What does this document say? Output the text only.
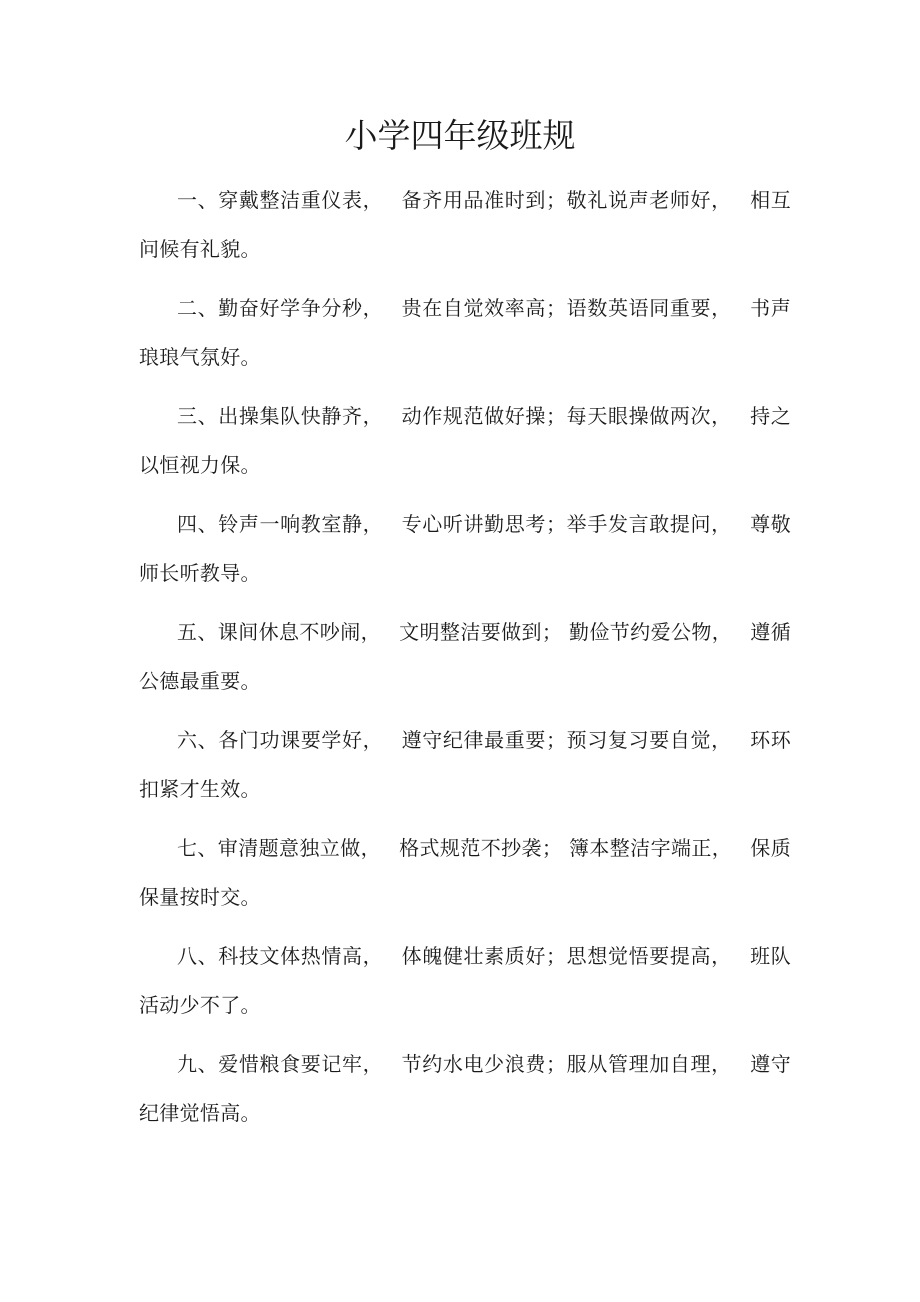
小学四年级班规

一、穿戴整洁重仪表， 备齐用品准时到；敬礼说声老师好， 相互问候有礼貌。

二、勤奋好学争分秒， 贵在自觉效率高；语数英语同重要， 书声琅琅气氛好。

三、出操集队快静齐， 动作规范做好操；每天眼操做两次， 持之以恒视力保。

四、铃声一响教室静， 专心听讲勤思考；举手发言敢提问， 尊敬师长听教导。

五、课间休息不吵闹， 文明整洁要做到； 勤俭节约爱公物， 遵循公德最重要。

六、各门功课要学好， 遵守纪律最重要；预习复习要自觉， 环环扣紧才生效。

七、审清题意独立做， 格式规范不抄袭； 簿本整洁字端正， 保质保量按时交。

八、科技文体热情高， 体魄健壮素质好；思想觉悟要提高， 班队活动少不了。

九、爱惜粮食要记牢， 节约水电少浪费；服从管理加自理， 遵守纪律觉悟高。
